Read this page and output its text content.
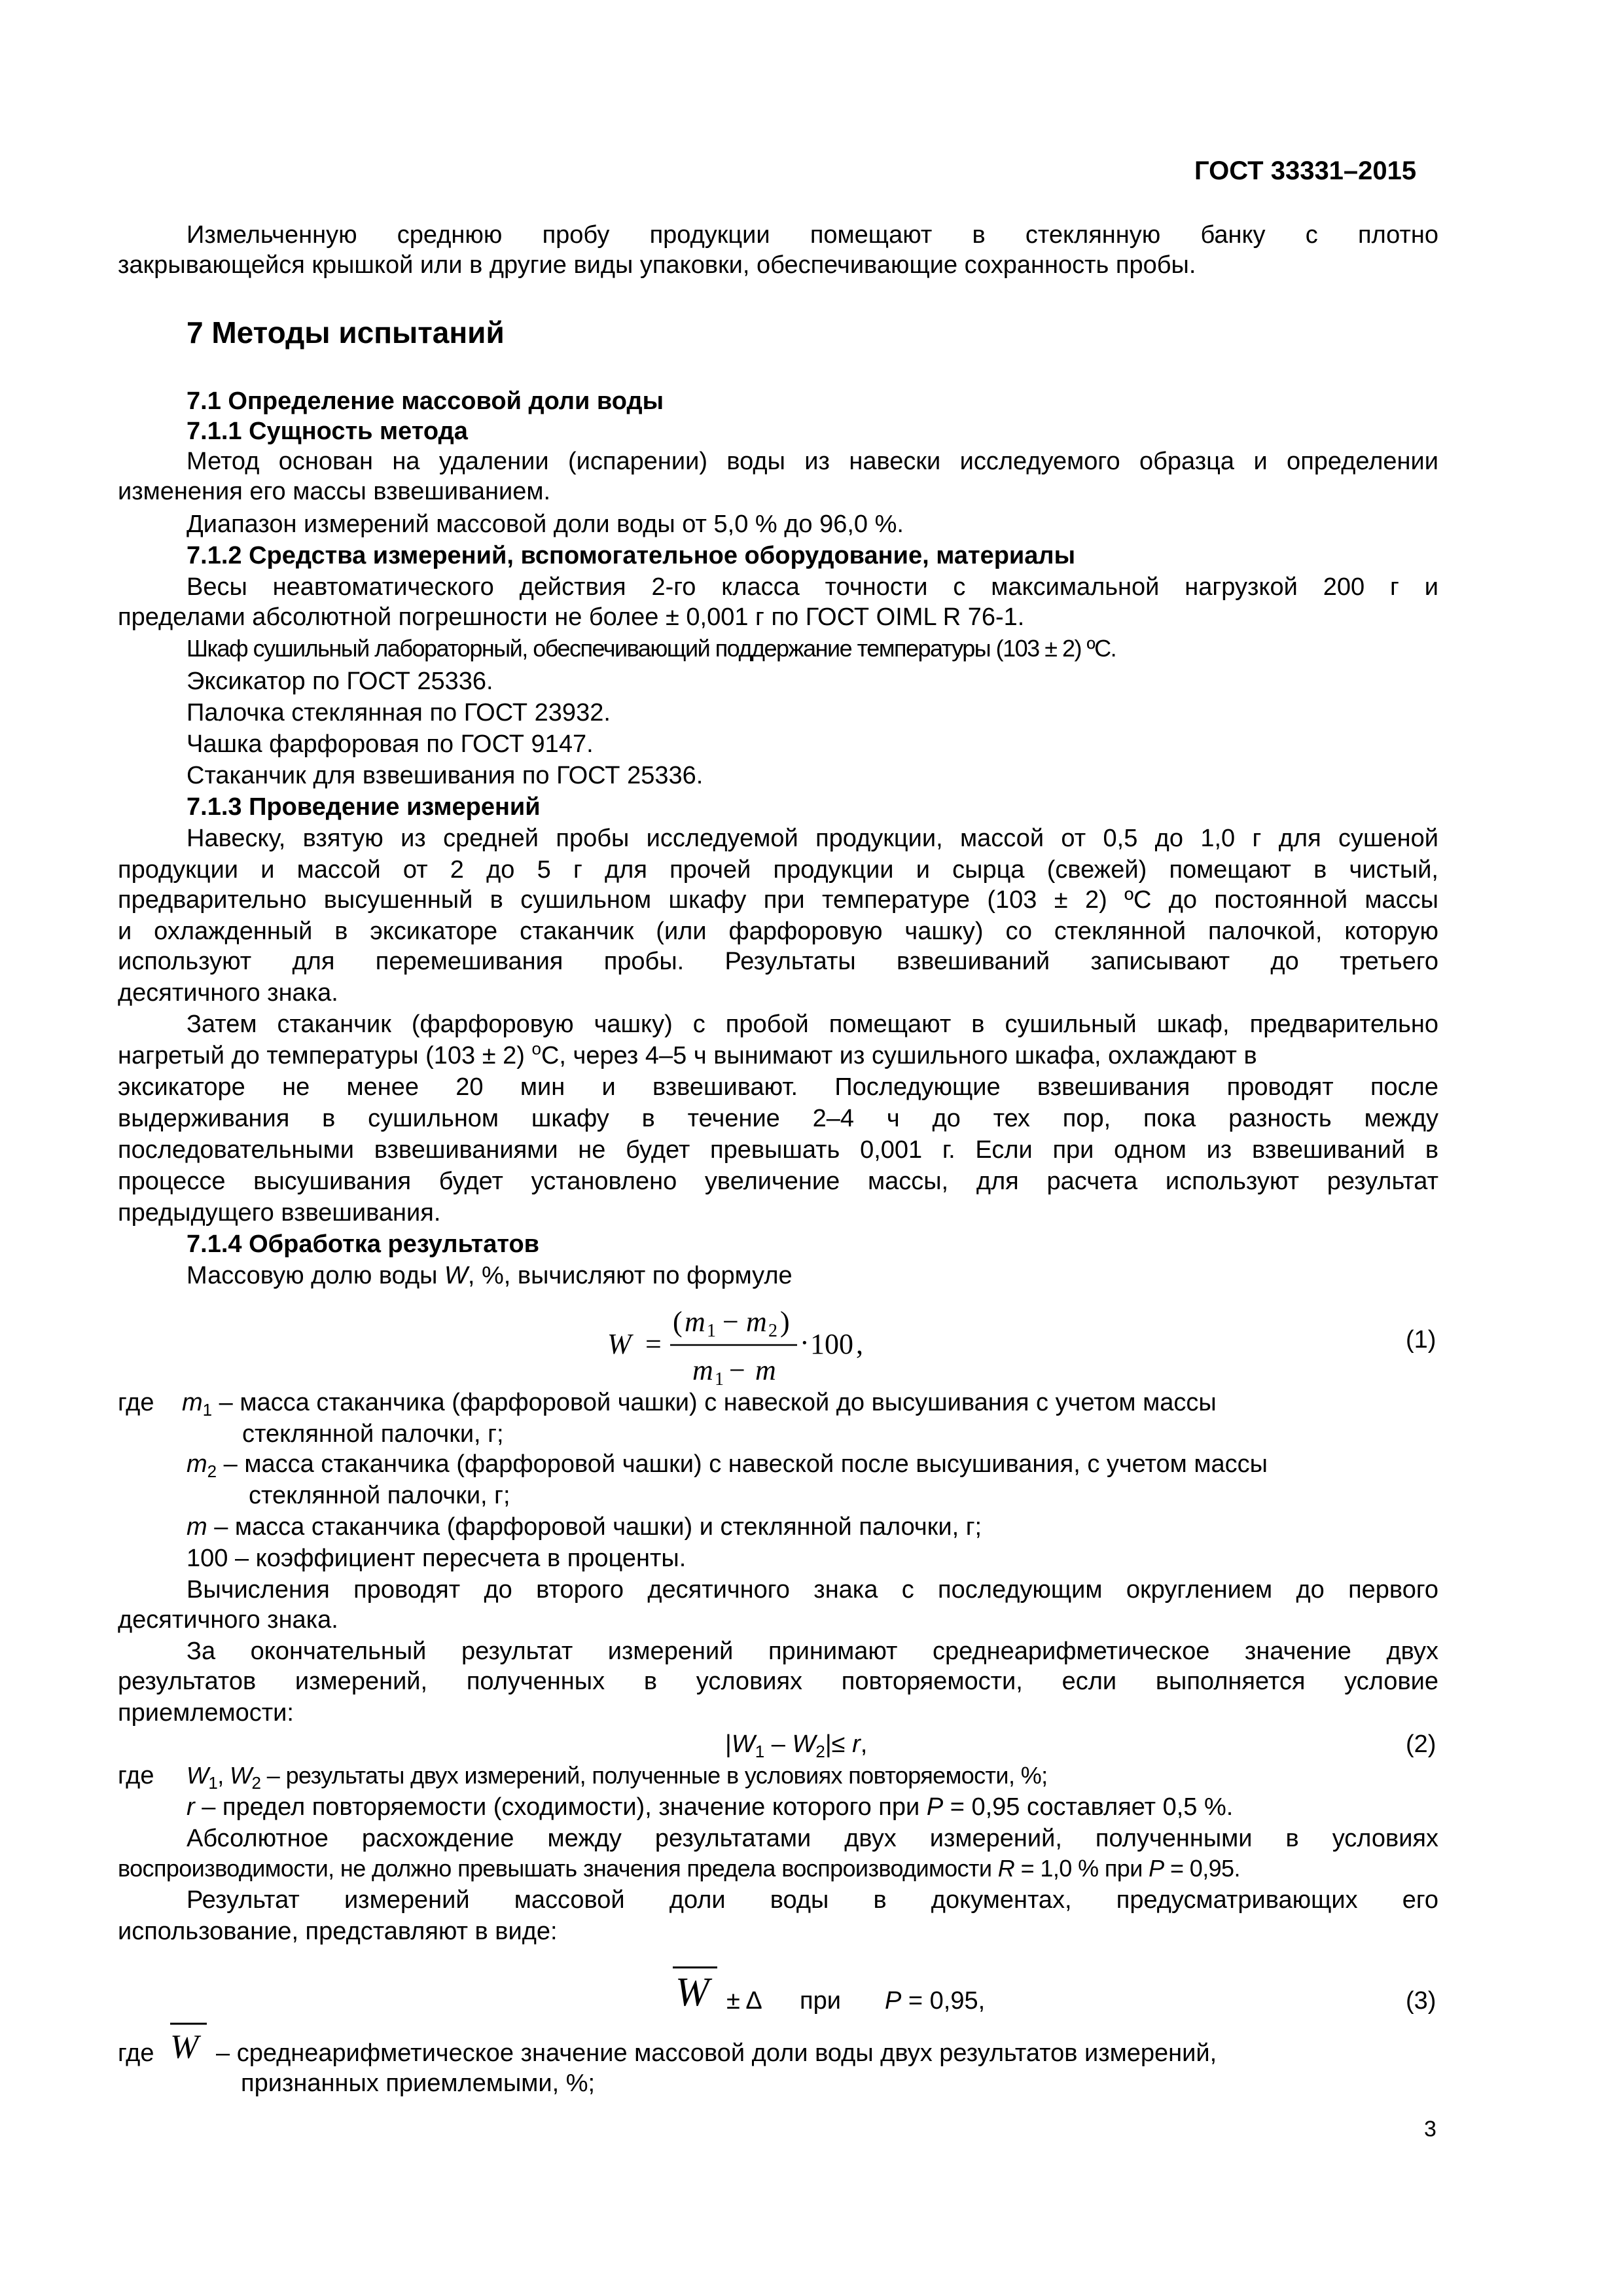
ГОСТ 33331–2015
Измельченную среднюю пробу продукции помещают в стеклянную банку с плотно
закрывающейся крышкой или в другие виды упаковки, обеспечивающие сохранность пробы.
7 Методы испытаний
7.1 Определение массовой доли воды
7.1.1 Сущность метода
Метод основан на удалении (испарении) воды из навески исследуемого образца и определении
изменения его массы взвешиванием.
Диапазон измерений массовой доли воды от 5,0 % до 96,0 %.
7.1.2 Средства измерений, вспомогательное оборудование, материалы
Весы неавтоматического действия 2-го класса точности с максимальной нагрузкой 200 г и
пределами абсолютной погрешности не более ± 0,001 г по ГОСТ OIML R 76-1.
Шкаф сушильный лабораторный, обеспечивающий поддержание температуры (103 ± 2) ºС.
Эксикатор по ГОСТ 25336.
Палочка стеклянная по ГОСТ 23932.
Чашка фарфоровая по ГОСТ 9147.
Стаканчик для взвешивания по ГОСТ 25336.
7.1.3 Проведение измерений
Навеску, взятую из средней пробы исследуемой продукции, массой от 0,5 до 1,0 г для сушеной
продукции и массой от 2 до 5 г для прочей продукции и сырца (свежей) помещают в чистый,
предварительно высушенный в сушильном шкафу при температуре (103 ± 2) ºС до постоянной массы
и охлажденный в эксикаторе стаканчик (или фарфоровую чашку) со стеклянной палочкой, которую
используют для перемешивания пробы. Результаты взвешиваний записывают до третьего
десятичного знака.
Затем стаканчик (фарфоровую чашку) с пробой помещают в сушильный шкаф, предварительно
нагретый до температуры (103 ± 2) $^о$С, через 4–5 ч вынимают из сушильного шкафа, охлаждают в
эксикаторе не менее 20 мин и взвешивают. Последующие взвешивания проводят после
выдерживания в сушильном шкафу в течение 2–4 ч до тех пор, пока разность между
последовательными взвешиваниями не будет превышать 0,001 г. Если при одном из взвешиваний в
процессе высушивания будет установлено увеличение массы, для расчета используют результат
предыдущего взвешивания.
7.1.4 Обработка результатов
Массовую долю воды W, %, вычисляют по формуле
W =
( m 1 − m 2 )
m 1 − m
· 100 ,	(1)
где $m_1$ – масса стаканчика (фарфоровой чашки) с навеской до высушивания с учетом массы
стеклянной палочки, г;
$m_2$ – масса стаканчика (фарфоровой чашки) с навеской после высушивания, с учетом массы
стеклянной палочки, г;
m – масса стаканчика (фарфоровой чашки) и стеклянной палочки, г;
100 – коэффициент пересчета в проценты.
Вычисления проводят до второго десятичного знака с последующим округлением до первого
десятичного знака.
За окончательный результат измерений принимают среднеарифметическое значение двух
результатов измерений, полученных в условиях повторяемости, если выполняется условие
приемлемости:
$|W_1 - W_2|\le r$,	(2)
где $W_1$, $W_2$ – результаты двух измерений, полученные в условиях повторяемости, %;
r – предел повторяемости (сходимости), значение которого при P = 0,95 составляет 0,5 %.
Абсолютное расхождение между результатами двух измерений, полученными в условиях
воспроизводимости, не должно превышать значения предела воспроизводимости R = 1,0 % при P = 0,95.
Результат измерений массовой доли воды в документах, предусматривающих его
использование, представляют в виде:
W ± Δ при P = 0,95,	(3)
где W – среднеарифметическое значение массовой доли воды двух результатов измерений,
признанных приемлемыми, %;
3
